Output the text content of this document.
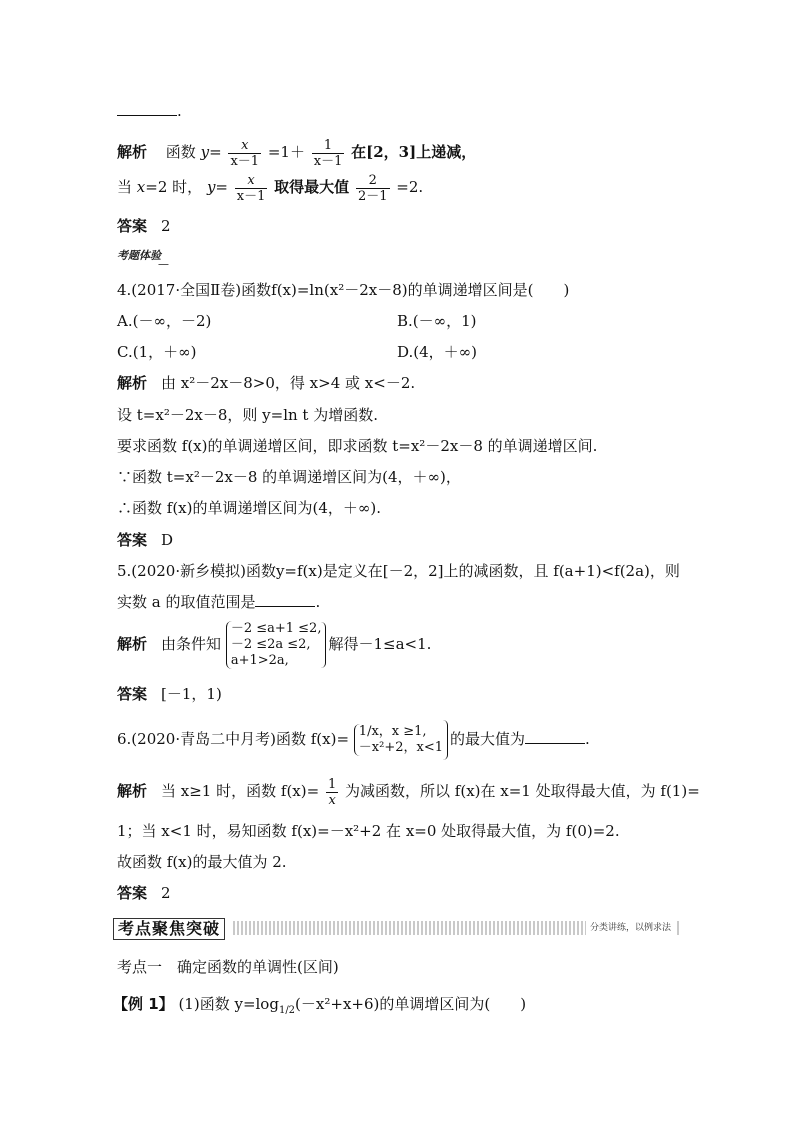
.
解析 函数 $y= \frac{x}{x-1} =1+ \frac{1}{x-1}$ 在[2，3]上递减，
当 x=2 时， $y= \frac{x}{x-1}$ 取得最大值 $\frac{2}{2-1} =2$.
答案 2
考题体验
4.(2017·全国Ⅱ卷)函数f(x)=ln(x²－2x－8)的单调递增区间是(　　)
A.(－∞，－2)	B.(－∞，1)
C.(1，＋∞)	D.(4，＋∞)
解析 由 x²－2x－8>0，得 x>4 或 x<－2.
设 t=x²－2x－8，则 y=ln t 为增函数.
要求函数 f(x)的单调递增区间，即求函数 t=x²－2x－8 的单调递增区间.
∵函数 t=x²－2x－8 的单调递增区间为(4，＋∞)，
∴函数 f(x)的单调递增区间为(4，＋∞).
答案 D
5.(2020·新乡模拟)函数y=f(x)是定义在[－2，2]上的减函数，且 f(a+1)<f(2a)，则
实数 a 的取值范围是	.
解析 由条件知
－2 ≤a+1 ≤2,
－2 ≤2a ≤2,
a+1>2a,
解得－1≤a<1.
答案 [－1，1)
6.(2020·青岛二中月考)函数 f(x)= 1/x，x ≥1,
－x²+2，x<1 的最大值为	.
解析 当 x≥1 时，函数 $f(x)= \frac{1}{x}$ 为减函数，所以 f(x)在 x=1 处取得最大值，为 f(1)=
1；当 x<1 时，易知函数 f(x)=－x²+2 在 x=0 处取得最大值，为 f(0)=2.
故函数 f(x)的最大值为 2.
答案 2
考点聚焦突破	分类讲练，以例求法
考点一　确定函数的单调性(区间)
【例 1】 (1)函数 $y=\log_{1/2}(-x^2+x+6)$的单调增区间为(　　)
